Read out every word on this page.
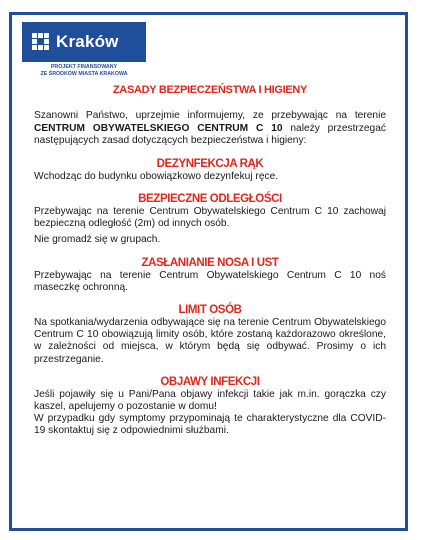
Kraków
PROJEKT FINANSOWANY
ZE ŚRODKÓW MIASTA KRAKOWA
ZASADY BEZPIECZEŃSTWA I HIGIENY

Szanowni Państwo, uprzejmie informujemy, ze przebywając na terenie CENTRUM OBYWATELSKIEGO CENTRUM C 10 należy przestrzegać następujących zasad dotyczących bezpieczeństwa i higieny:

DEZYNFEKCJA RĄK

Wchodząc do budynku obowiązkowo dezynfekuj ręce.

BEZPIECZNE ODLEGŁOŚCI

Przebywając na terenie Centrum Obywatelskiego Centrum C 10 zachowaj bezpieczną odległość (2m) od innych osób.

Nie gromadź się w grupach.

ZASŁANIANIE NOSA I UST

Przebywając na terenie Centrum Obywatelskiego Centrum C 10 noś maseczkę ochronną.

LIMIT OSÓB

Na spotkania/wydarzenia odbywające się na terenie Centrum Obywatelskiego Centrum C 10 obowiązują limity osób, które zostaną każdorazowo określone, w zależności od miejsca, w którym będą się odbywać. Prosimy o ich przestrzeganie.

OBJAWY INFEKCJI

Jeśli pojawiły się u Pani/Pana objawy infekcji takie jak m.in. gorączka czy kaszel, apelujemy o pozostanie w domu!

W przypadku gdy symptomy przypominają te charakterystyczne dla COVID-19 skontaktuj się z odpowiednimi służbami.
